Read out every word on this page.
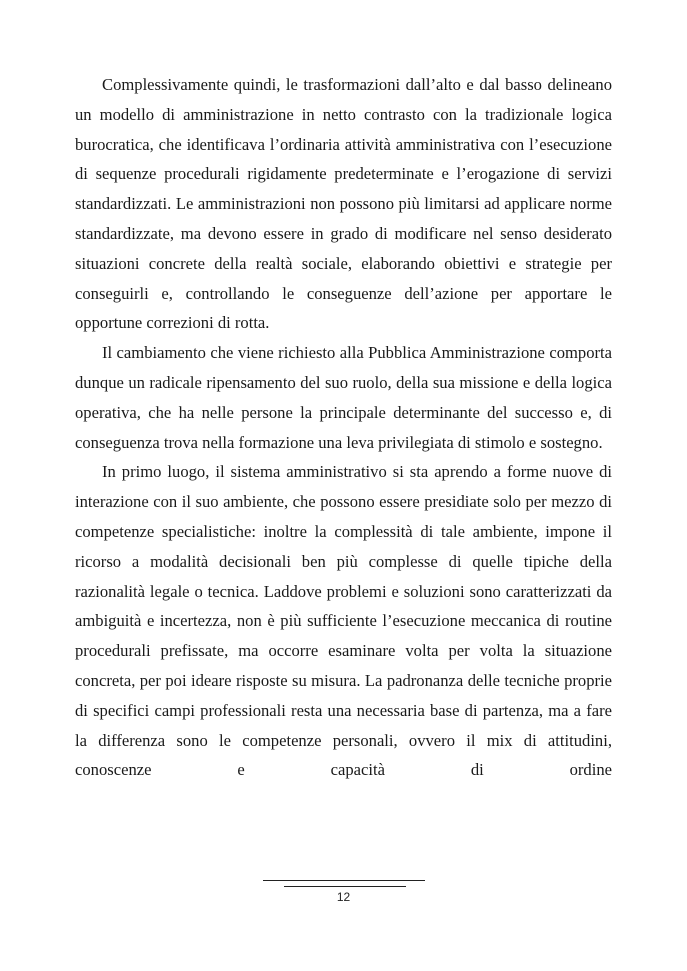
Complessivamente quindi, le trasformazioni dall’alto e dal basso delineano un modello di amministrazione in netto contrasto con la tradizionale logica burocratica, che identificava l’ordinaria attività amministrativa con l’esecuzione di sequenze procedurali rigidamente predeterminate e l’erogazione di servizi standardizzati. Le amministrazioni non possono più limitarsi ad applicare norme standardizzate, ma devono essere in grado di modificare nel senso desiderato situazioni concrete della realtà sociale, elaborando obiettivi e strategie per conseguirli e, controllando le conseguenze dell’azione per apportare le opportune correzioni di rotta.

Il cambiamento che viene richiesto alla Pubblica Amministrazione comporta dunque un radicale ripensamento del suo ruolo, della sua missione e della logica operativa, che ha nelle persone la principale determinante del successo e, di conseguenza trova nella formazione una leva privilegiata di stimolo e sostegno.

In primo luogo, il sistema amministrativo si sta aprendo a forme nuove di interazione con il suo ambiente, che possono essere presidiate solo per mezzo di competenze specialistiche: inoltre la complessità di tale ambiente, impone il ricorso a modalità decisionali ben più complesse di quelle tipiche della razionalità legale o tecnica. Laddove problemi e soluzioni sono caratterizzati da ambiguità e incertezza, non è più sufficiente l’esecuzione meccanica di routine procedurali prefissate, ma occorre esaminare volta per volta la situazione concreta, per poi ideare risposte su misura. La padronanza delle tecniche proprie di specifici campi professionali resta una necessaria base di partenza, ma a fare la differenza sono le competenze personali, ovvero il mix di attitudini, conoscenze e capacità di ordine

12
